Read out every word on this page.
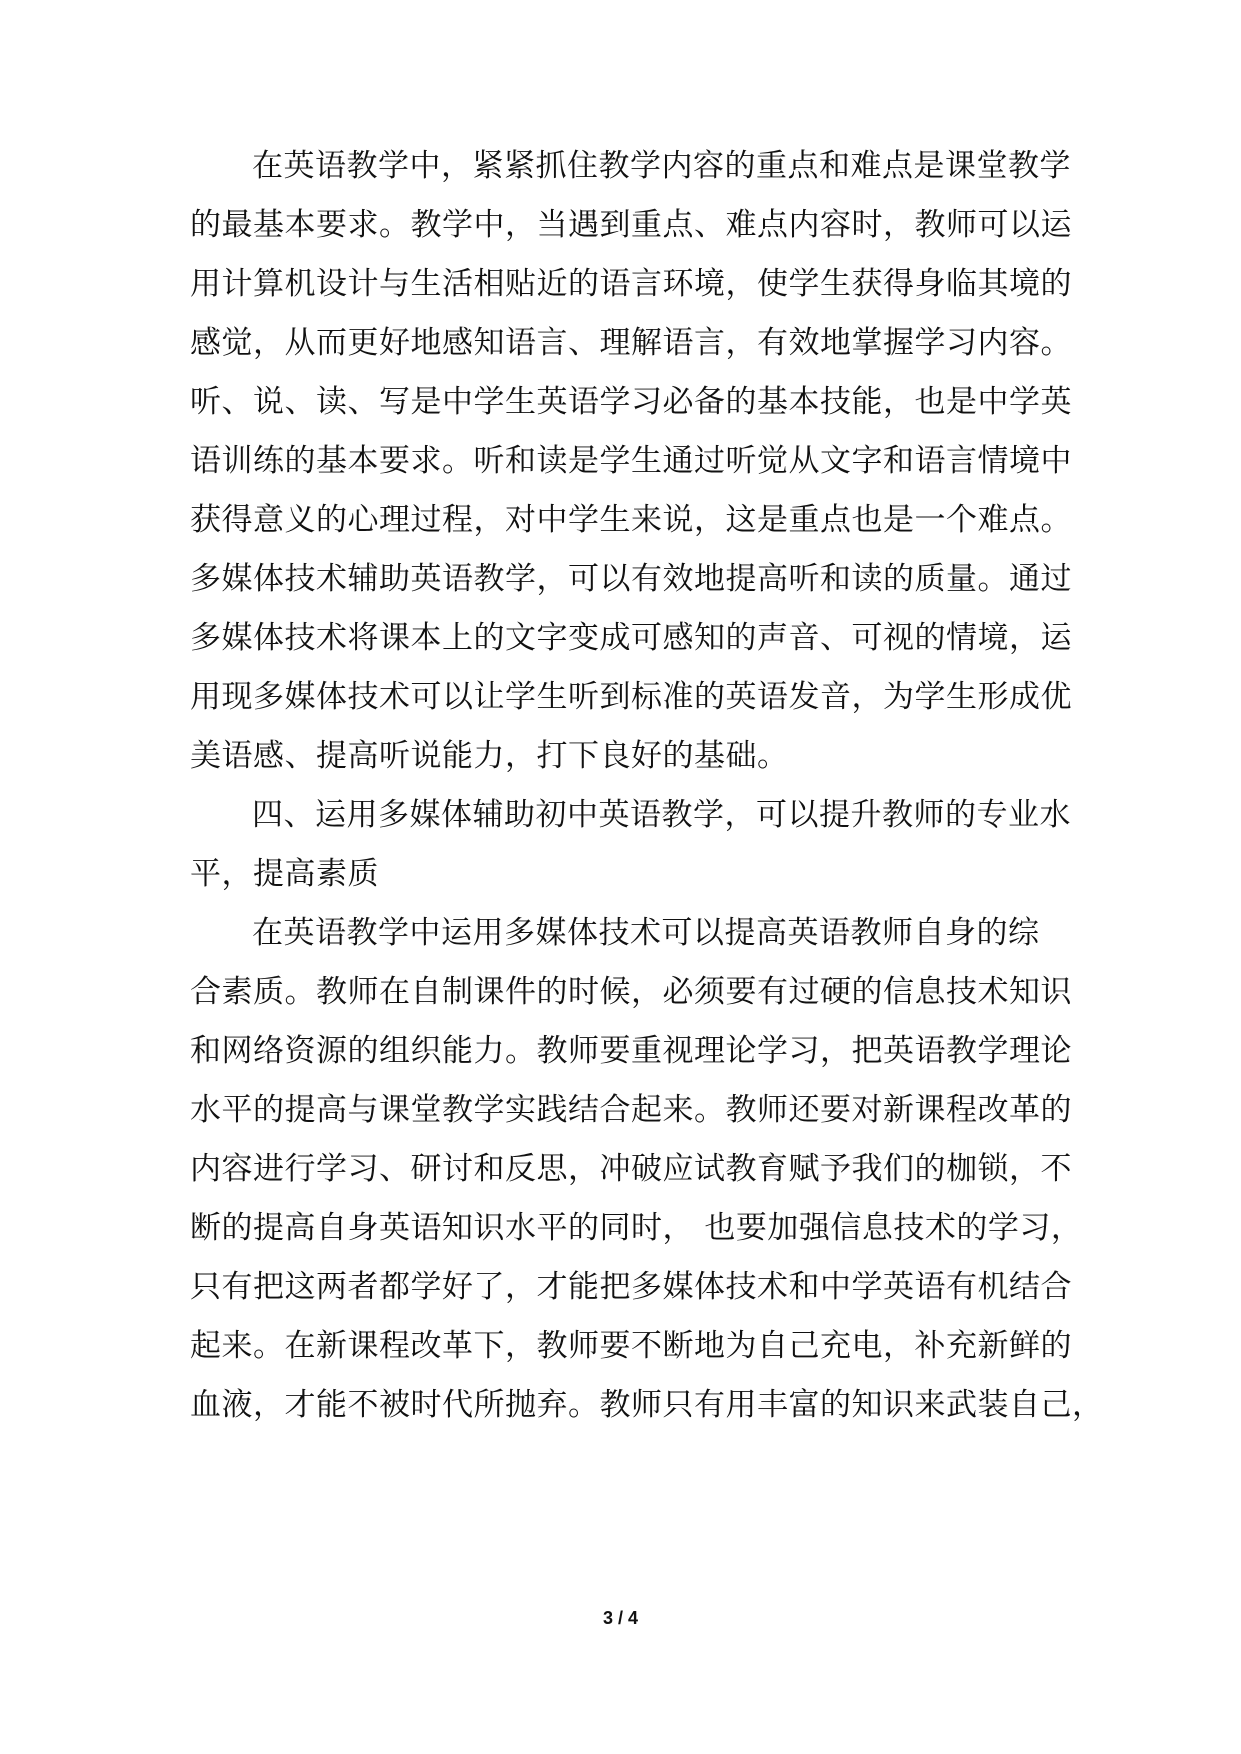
在英语教学中，紧紧抓住教学内容的重点和难点是课堂教学
的最基本要求。教学中，当遇到重点、难点内容时，教师可以运
用计算机设计与生活相贴近的语言环境，使学生获得身临其境的
感觉，从而更好地感知语言、理解语言，有效地掌握学习内容。
听、说、读、写是中学生英语学习必备的基本技能，也是中学英
语训练的基本要求。听和读是学生通过听觉从文字和语言情境中
获得意义的心理过程，对中学生来说，这是重点也是一个难点。
多媒体技术辅助英语教学，可以有效地提高听和读的质量。通过
多媒体技术将课本上的文字变成可感知的声音、可视的情境，运
用现多媒体技术可以让学生听到标准的英语发音，为学生形成优
美语感、提高听说能力，打下良好的基础。
四、运用多媒体辅助初中英语教学，可以提升教师的专业水
平，提高素质
在英语教学中运用多媒体技术可以提高英语教师自身的综
合素质。教师在自制课件的时候，必须要有过硬的信息技术知识
和网络资源的组织能力。教师要重视理论学习，把英语教学理论
水平的提高与课堂教学实践结合起来。教师还要对新课程改革的
内容进行学习、研讨和反思，冲破应试教育赋予我们的枷锁，不
断的提高自身英语知识水平的同时， 也要加强信息技术的学习，
只有把这两者都学好了，才能把多媒体技术和中学英语有机结合
起来。在新课程改革下，教师要不断地为自己充电，补充新鲜的
血液，才能不被时代所抛弃。教师只有用丰富的知识来武装自己，
3 / 4
